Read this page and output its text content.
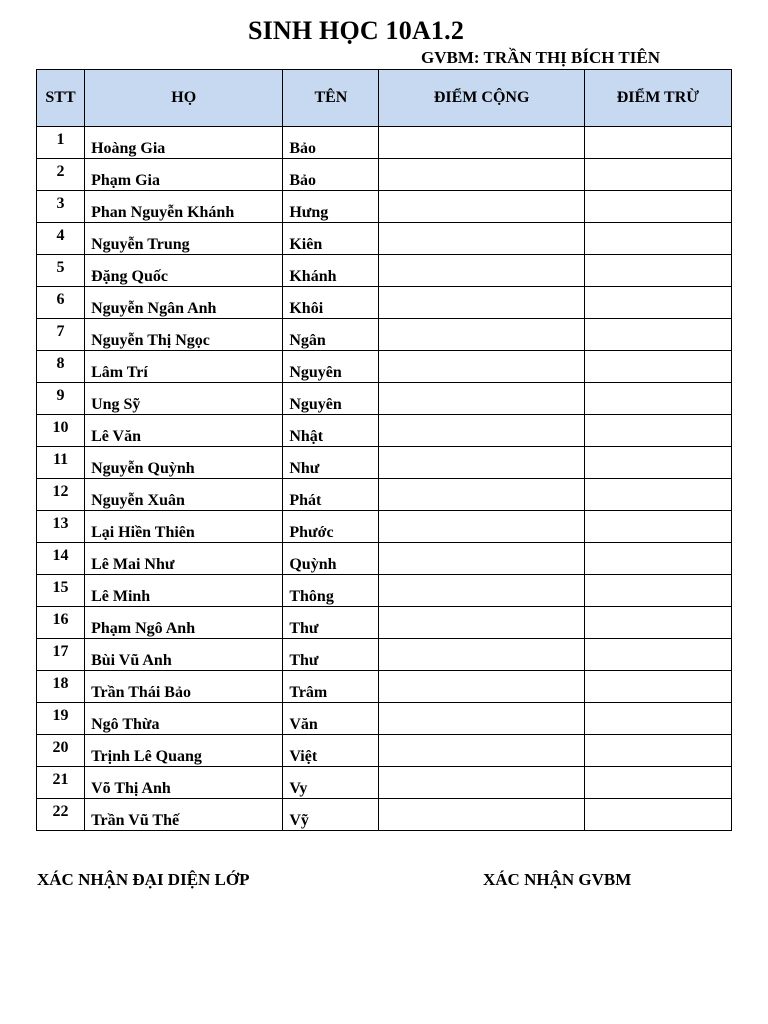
SINH HỌC 10A1.2
GVBM: TRẦN THỊ BÍCH TIÊN
STT	HỌ	TÊN	ĐIỂM CỘNG	ĐIỂM TRỪ
1	Hoàng Gia	Bảo		
2	Phạm Gia	Bảo		
3	Phan Nguyễn Khánh	Hưng		
4	Nguyễn Trung	Kiên		
5	Đặng Quốc	Khánh		
6	Nguyễn Ngân Anh	Khôi		
7	Nguyễn Thị Ngọc	Ngân		
8	Lâm Trí	Nguyên		
9	Ung Sỹ	Nguyên		
10	Lê Văn	Nhật		
11	Nguyễn Quỳnh	Như		
12	Nguyễn Xuân	Phát		
13	Lại Hiền Thiên	Phước		
14	Lê Mai Như	Quỳnh		
15	Lê Minh	Thông		
16	Phạm Ngô Anh	Thư		
17	Bùi Vũ Anh	Thư		
18	Trần Thái Bảo	Trâm		
19	Ngô Thừa	Văn		
20	Trịnh Lê Quang	Việt		
21	Võ Thị Anh	Vy		
22	Trần Vũ Thế	Vỹ		
XÁC NHẬN ĐẠI DIỆN LỚP	XÁC NHẬN GVBM
